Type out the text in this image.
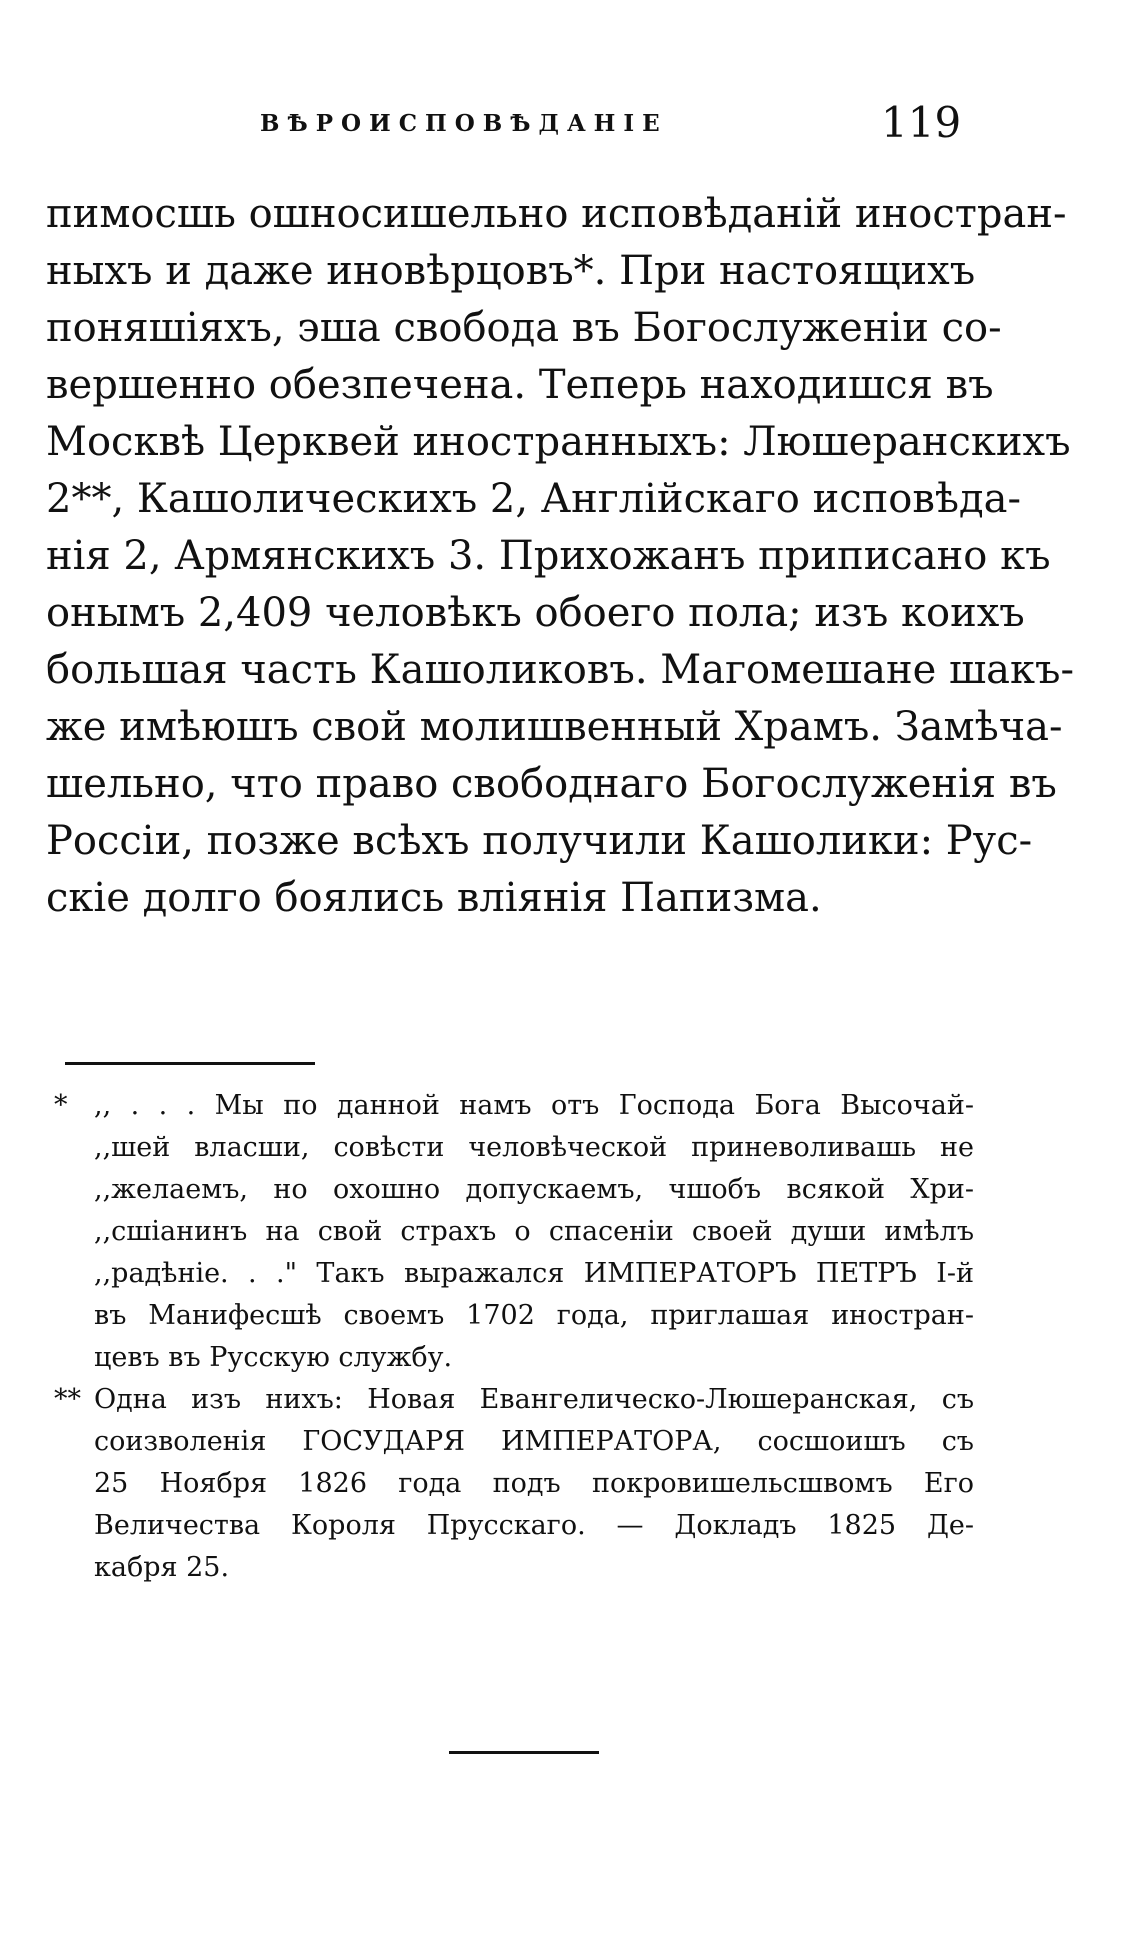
ВѢРОИСПОВѢДАНІЕ	119
пимосшь ошносишельно исповѣданій иностран-
ныхъ и даже иновѣрцовъ*. При настоящихъ
поняшіяхъ, эша свобода въ Богослуженіи со-
вершенно обезпечена. Теперь находишся въ
Москвѣ Церквей иностранныхъ: Люшеранскихъ
2**, Кашолическихъ 2, Англійскаго исповѣда-
нія 2, Армянскихъ 3. Прихожанъ приписано къ
онымъ 2,409 человѣкъ обоего пола; изъ коихъ
большая часть Кашоликовъ. Магомешане шакъ-
же имѣюшъ свой молишвенный Храмъ. Замѣча-
шельно, что право свободнаго Богослуженія въ
Россіи, позже всѣхъ получили Кашолики: Рус-
скіе долго боялись вліянія Папизма.
* ,, . . . Мы по данной намъ отъ Господа Бога Высочай-
,,шей власши, совѣсти человѣческой приневоливашь не
,,желаемъ, но охошно допускаемъ, чшобъ всякой Хри-
,,сшіанинъ на свой страхъ о спасеніи своей души имѣлъ
,,радѣніе. . ." Такъ выражался ИМПЕРАТОРЪ ПЕТРЪ I-й
въ Манифесшѣ своемъ 1702 года, приглашая иностран-
цевъ въ Русскую службу.
** Одна изъ нихъ: Новая Евангелическо-Люшеранская, съ
соизволенія ГОСУДАРЯ ИМПЕРАТОРА, сосшоишъ съ
25 Ноября 1826 года подъ покровишельсшвомъ Его
Величества Короля Прусскаго. — Докладъ 1825 Де-
кабря 25.
